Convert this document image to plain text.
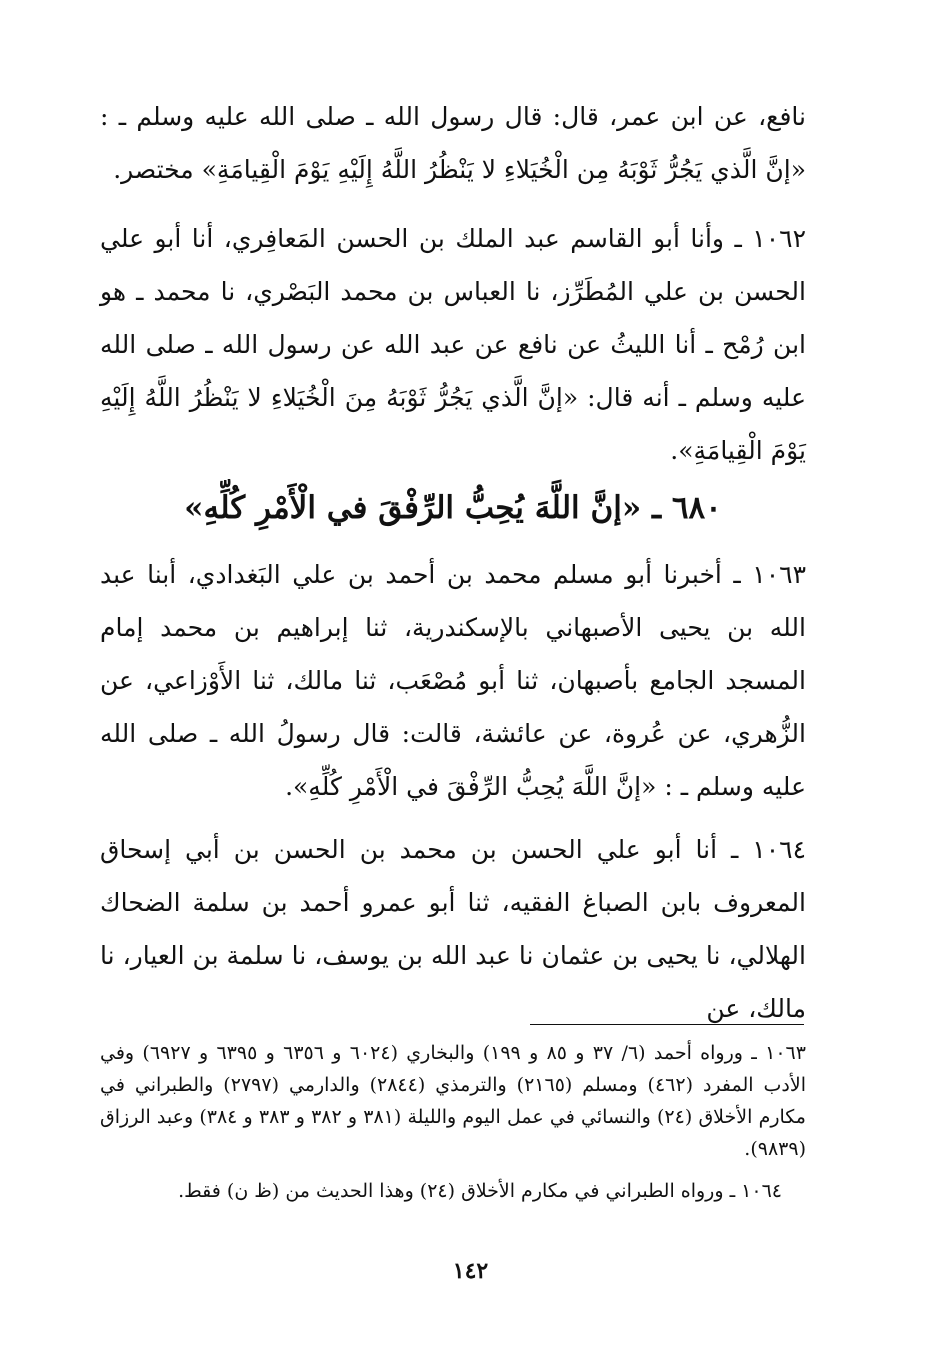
نافع، عن ابن عمر، قال: قال رسول الله ـ صلى الله عليه وسلم ـ : «إنَّ الَّذي يَجُرُّ ثَوْبَهُ مِن الْخُيَلاءِ لا يَنْظُرُ اللَّهُ إِلَيْهِ يَوْمَ الْقِيامَةِ» مختصر.

١٠٦٢ ـ وأنا أبو القاسم عبد الملك بن الحسن المَعافِري، أنا أبو علي الحسن بن علي المُطَرِّز، نا العباس بن محمد البَصْري، نا محمد ـ هو ابن رُمْح ـ أنا الليثُ عن نافع عن عبد الله عن رسول الله ـ صلى الله عليه وسلم ـ أنه قال: «إنَّ الَّذي يَجُرُّ ثَوْبَهُ مِنَ الْخُيَلاءِ لا يَنْظُرُ اللَّهُ إِلَيْهِ يَوْمَ الْقِيامَةِ».

٦٨٠ ـ «إنَّ اللَّهَ يُحِبُّ الرِّفْقَ في الْأَمْرِ كُلِّهِ»

١٠٦٣ ـ أخبرنا أبو مسلم محمد بن أحمد بن علي البَغدادي، أبنا عبد الله بن يحيى الأصبهاني بالإسكندرية، ثنا إبراهيم بن محمد إمام المسجد الجامع بأصبهان، ثنا أبو مُصْعَب، ثنا مالك، ثنا الأَوْزاعي، عن الزُّهري، عن عُروة، عن عائشة، قالت: قال رسولُ الله ـ صلى الله عليه وسلم ـ : «إنَّ اللَّهَ يُحِبُّ الرِّفْقَ في الْأَمْرِ كُلِّهِ».

١٠٦٤ ـ أنا أبو علي الحسن بن محمد بن الحسن بن أبي إسحاق المعروف بابن الصباغ الفقيه، ثنا أبو عمرو أحمد بن سلمة الضحاك الهلالي، نا يحيى بن عثمان نا عبد الله بن يوسف، نا سلمة بن العيار، نا مالك، عن

١٠٦٣ ـ ورواه أحمد (٦/ ٣٧ و ٨٥ و ١٩٩) والبخاري (٦٠٢٤ و ٦٣٥٦ و ٦٣٩٥ و ٦٩٢٧) وفي الأدب المفرد (٤٦٢) ومسلم (٢١٦٥) والترمذي (٢٨٤٤) والدارمي (٢٧٩٧) والطبراني في مكارم الأخلاق (٢٤) والنسائي في عمل اليوم والليلة (٣٨١ و ٣٨٢ و ٣٨٣ و ٣٨٤) وعبد الرزاق (٩٨٣٩).

١٠٦٤ ـ ورواه الطبراني في مكارم الأخلاق (٢٤) وهذا الحديث من (ظ ن) فقط.

١٤٢
